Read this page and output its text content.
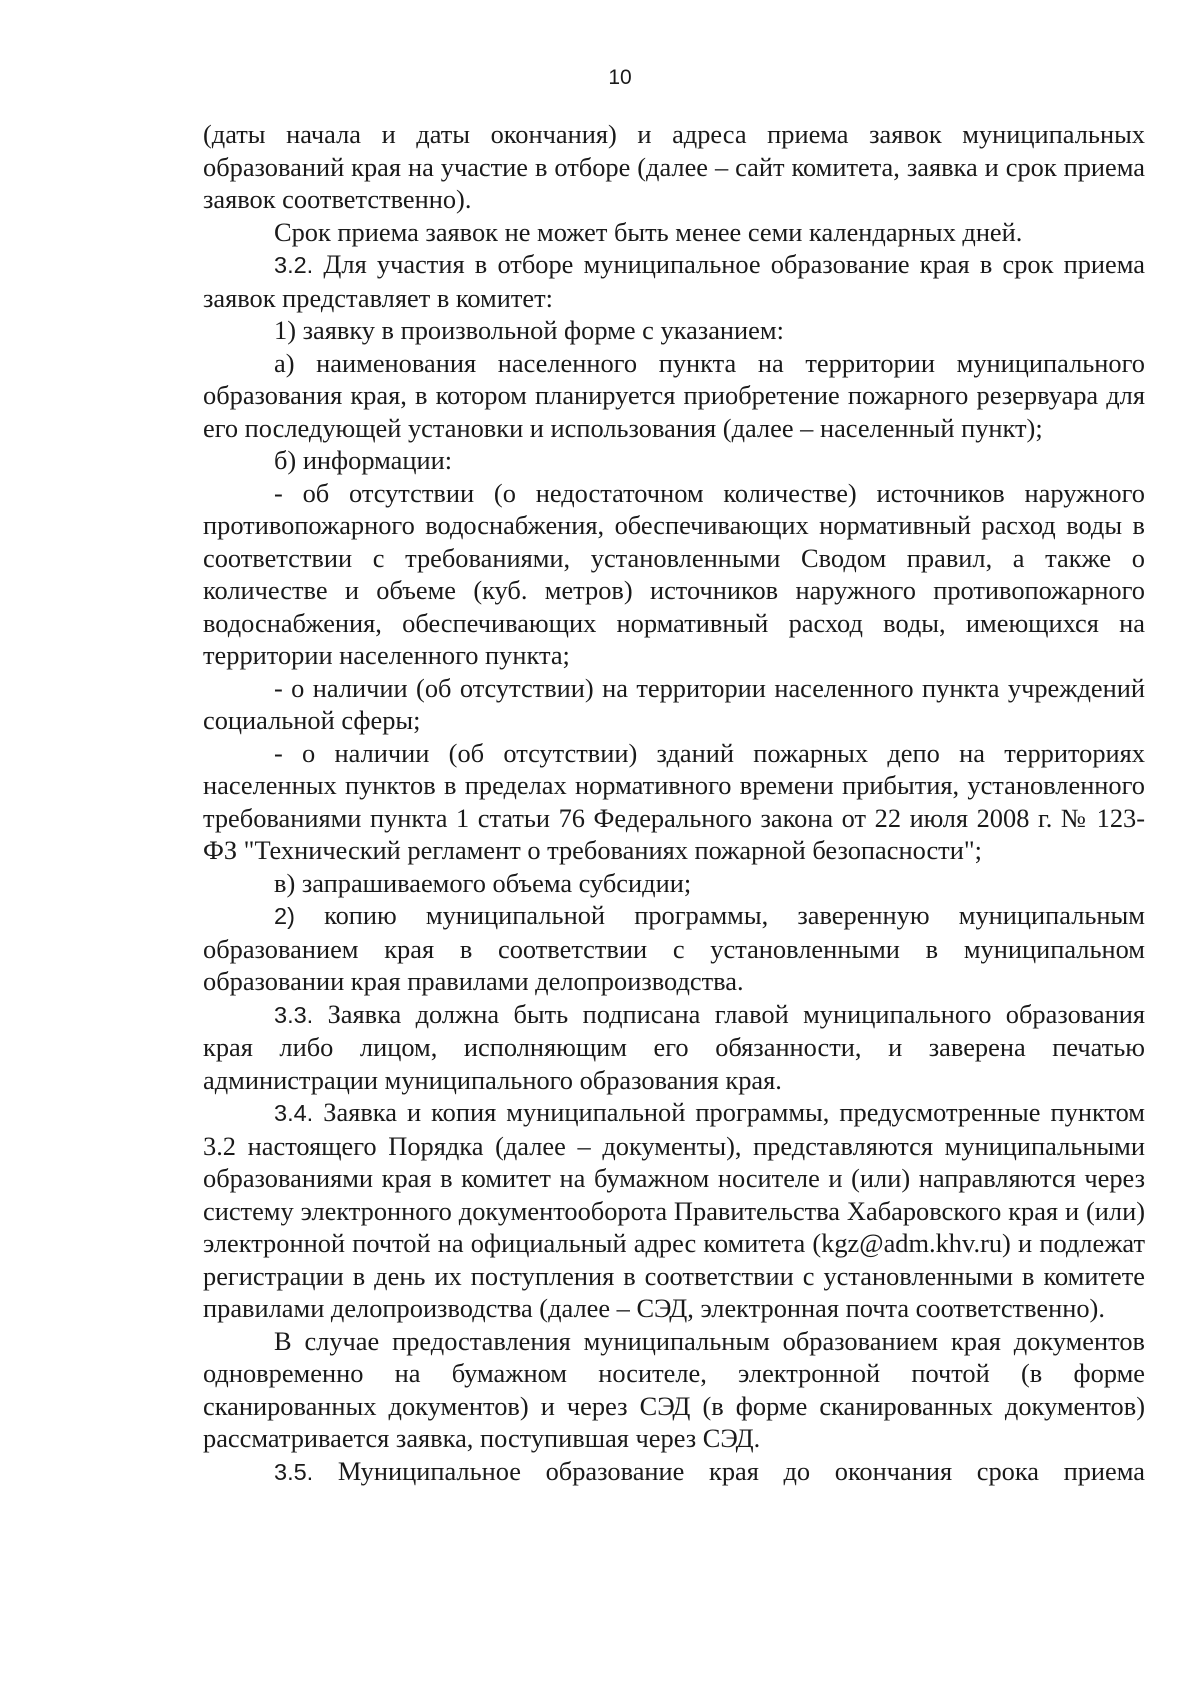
10

(даты начала и даты окончания) и адреса приема заявок муниципальных образований края на участие в отборе (далее – сайт комитета, заявка и срок приема заявок соответственно).

Срок приема заявок не может быть менее семи календарных дней.

3.2. Для участия в отборе муниципальное образование края в срок приема заявок представляет в комитет:

1) заявку в произвольной форме с указанием:

а) наименования населенного пункта на территории муниципального образования края, в котором планируется приобретение пожарного резервуара для его последующей установки и использования (далее – населенный пункт);

б) информации:

- об отсутствии (о недостаточном количестве) источников наружного противопожарного водоснабжения, обеспечивающих нормативный расход воды в соответствии с требованиями, установленными Сводом правил, а также о количестве и объеме (куб. метров) источников наружного противопожарного водоснабжения, обеспечивающих нормативный расход воды, имеющихся на территории населенного пункта;

- о наличии (об отсутствии) на территории населенного пункта учреждений социальной сферы;

- о наличии (об отсутствии) зданий пожарных депо на территориях населенных пунктов в пределах нормативного времени прибытия, установленного требованиями пункта 1 статьи 76 Федерального закона от 22 июля 2008 г. № 123-ФЗ "Технический регламент о требованиях пожарной безопасности";

в) запрашиваемого объема субсидии;

2) копию муниципальной программы, заверенную муниципальным образованием края в соответствии с установленными в муниципальном образовании края правилами делопроизводства.

3.3. Заявка должна быть подписана главой муниципального образования края либо лицом, исполняющим его обязанности, и заверена печатью администрации муниципального образования края.

3.4. Заявка и копия муниципальной программы, предусмотренные пунктом 3.2 настоящего Порядка (далее – документы), представляются муниципальными образованиями края в комитет на бумажном носителе и (или) направляются через систему электронного документооборота Правительства Хабаровского края и (или) электронной почтой на официальный адрес комитета (kgz@adm.khv.ru) и подлежат регистрации в день их поступления в соответствии с установленными в комитете правилами делопроизводства (далее – СЭД, электронная почта соответственно).

В случае предоставления муниципальным образованием края документов одновременно на бумажном носителе, электронной почтой (в форме сканированных документов) и через СЭД (в форме сканированных документов) рассматривается заявка, поступившая через СЭД.

3.5. Муниципальное образование края до окончания срока приема
